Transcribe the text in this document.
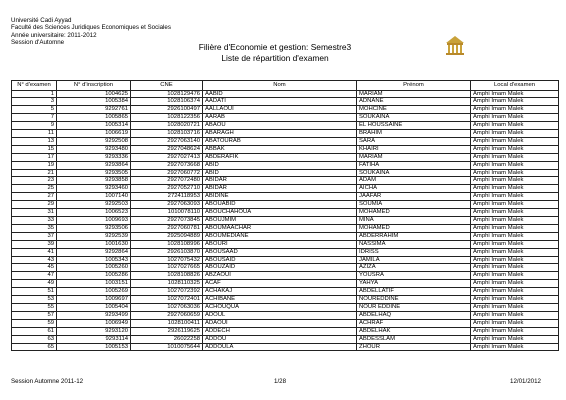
Université Cadi Ayyad
Faculté des Sciences Juridiques Economiques et Sociales
Année universitaire: 2011-2012
Session d'Automne	Filière d'Economie et gestion: Semestre3
Liste de répartition d'examen
N° d'examen	N° d'inscription	CNE	Nom	Prénom	Local d'examen
1	1004625	1028129476	AABID	MARIAM	Amphi Imam Malek
3	1005384	1028106374	AADATI	ADNANE	Amphi Imam Malek
5	9292761	2926100497	AALLAOUI	MOHCINE	Amphi Imam Malek
7	1005865	1028122356	AARAB	SOUKAINA	Amphi Imam Malek
9	1005314	1028020721	ABAOU	EL HOUSSAINE	Amphi Imam Malek
11	1006619	1028103716	ABARAGH	BRAHIM	Amphi Imam Malek
13	9292508	2927063140	ABATOURAB	SARA	Amphi Imam Malek
15	9293480	2927048624	ABBAK	KHAIRI	Amphi Imam Malek
17	9293336	2927027413	ABDERAFIK	MARIAM	Amphi Imam Malek
19	9293864	2927073668	ABID	FATIHA	Amphi Imam Malek
21	9293505	2927060772	ABID	SOUKAINA	Amphi Imam Malek
23	9293858	2927072480	ABIDAR	ADAM	Amphi Imam Malek
25	9293460	2927052710	ABIDAR	AICHA	Amphi Imam Malek
27	1007140	2724118953	ABIDINE	JAAFAR	Amphi Imam Malek
29	9292503	2927063093	ABOUABID	SOUMIA	Amphi Imam Malek
31	1006523	1010078110	ABOUCHAHOUA	MOHAMED	Amphi Imam Malek
33	1009693	2927073845	ABOUJMIM	MINA	Amphi Imam Malek
35	9293506	2927060781	ABOUMAACHAR	MOHAMED	Amphi Imam Malek
37	9292539	2925094889	ABOUMEDIANE	ABDERRAHIM	Amphi Imam Malek
39	1001630	1028108996	ABOURI	NASSIMA	Amphi Imam Malek
41	9292864	2926103870	ABOUSAAD	IDRISS	Amphi Imam Malek
43	1005343	1027075432	ABOUSAID	JAMILA	Amphi Imam Malek
45	1005260	1027027665	ABOUZAID	AZIZA	Amphi Imam Malek
47	1005286	1028108826	ABZAOUI	YOUSRA	Amphi Imam Malek
49	1003151	1028110325	ACAF	YAHYA	Amphi Imam Malek
51	1005269	1027072392	ACHAKAJ	ABDELLATIF	Amphi Imam Malek
53	1009697	1027072401	ACHIBANE	NOUREDDINE	Amphi Imam Malek
55	1005404	1027063036	ACHOUQUA	NOUR EDDINE	Amphi Imam Malek
57	9293499	2927060659	ADOUL	ABDELHAQ	Amphi Imam Malek
59	1006949	1028100411	ADAOUI	ACHRAF	Amphi Imam Malek
61	9293120	2926119625	ADDECH	ABDELHAK	Amphi Imam Malek
63	9293114	26022258	ADDOU	ABDESSLAM	Amphi Imam Malek
65	1005153	1010075644	ADDOULA	ZHOUR	Amphi Imam Malek
Session Automne 2011-12	1/28	12/01/2012
